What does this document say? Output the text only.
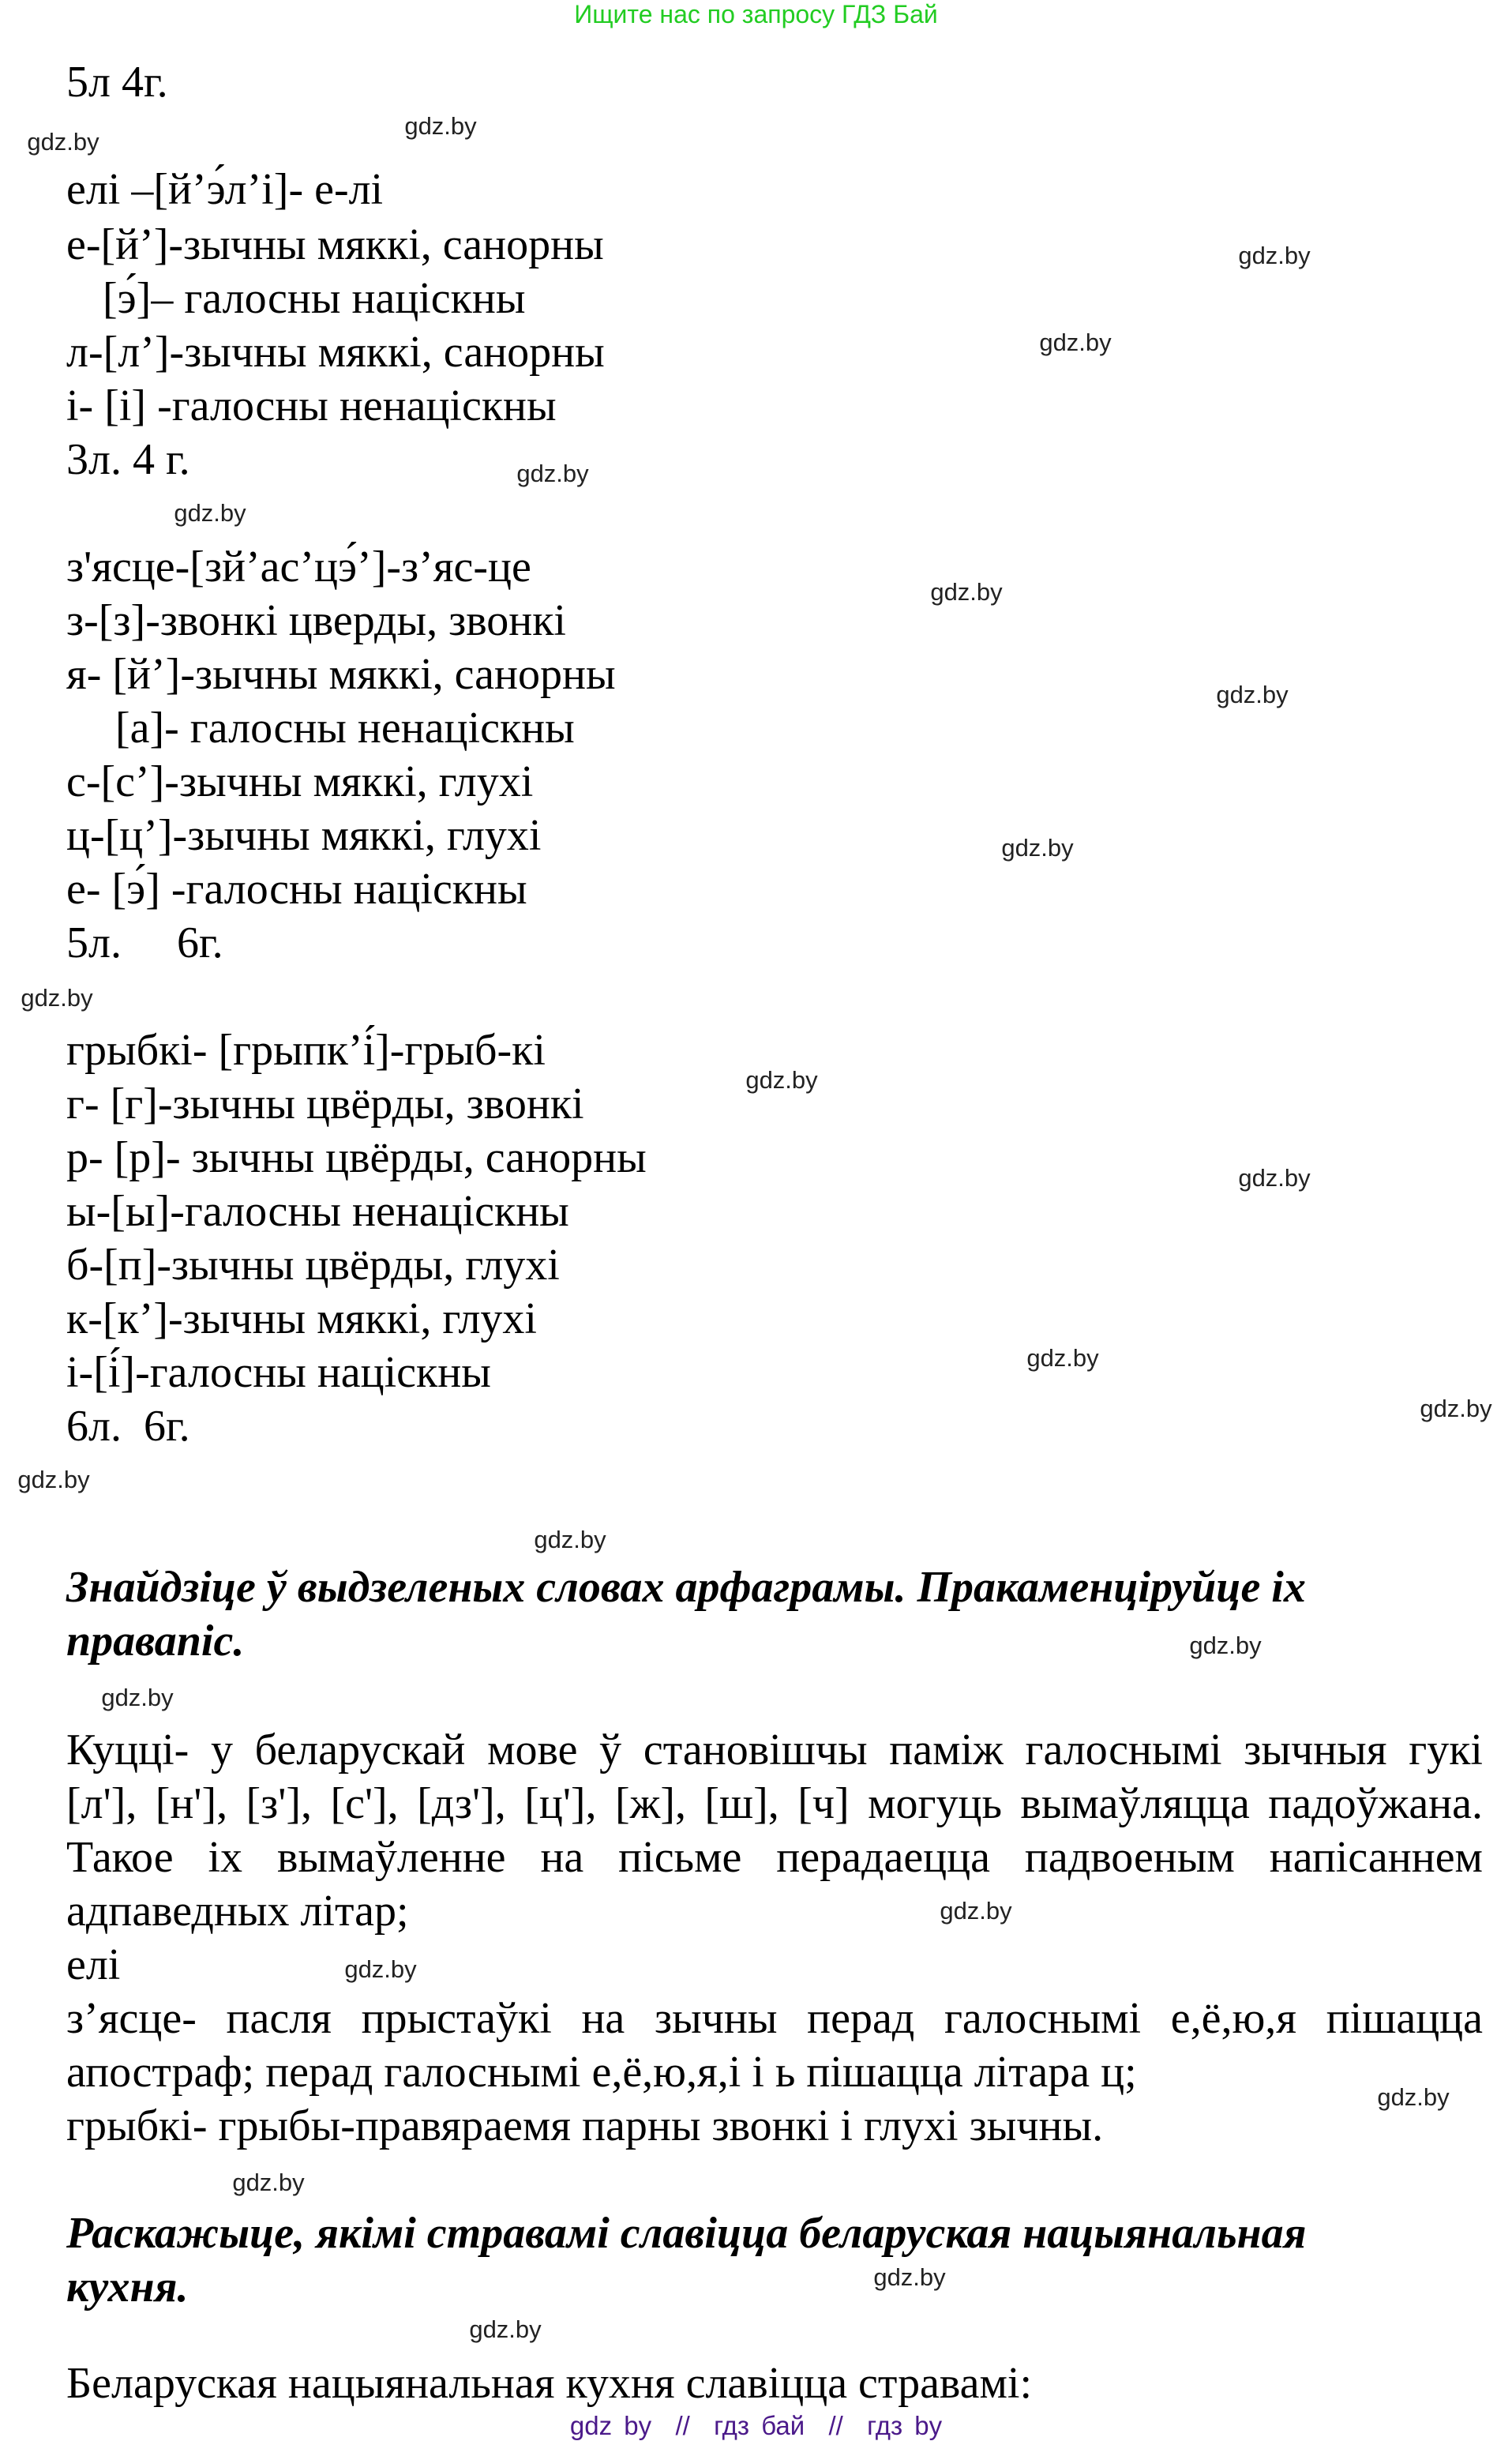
Ищите нас по запросу ГДЗ Бай
5л 4г.
елі –[й’э́л’і]- е-лі
е-[й’]-зычны мяккі, санорны
[э́]– галосны націскны
л-[л’]-зычны мяккі, санорны
і- [і] -галосны ненаціскны
3л. 4 г.
з'ясце-[зй’ас’цэ́’]-з’яс-це
з-[з]-звонкі цверды, звонкі
я- [й’]-зычны мяккі, санорны
[а]- галосны ненаціскны
с-[с’]-зычны мяккі, глухі
ц-[ц’]-зычны мяккі, глухі
е- [э́] -галосны націскны
5л.     6г.
грыбкі- [грыпк’і́]-грыб-кі
г- [г]-зычны цвёрды, звонкі
р- [р]- зычны цвёрды, санорны
ы-[ы]-галосны ненаціскны
б-[п]-зычны цвёрды, глухі
к-[к’]-зычны мяккі, глухі
і-[і́]-галосны націскны
6л.  6г.
Знайдзіце ў выдзеленых словах арфаграмы. Пракаменціруйце іх
правапіс.
Куцці- у беларускай мове ў становішчы паміж галоснымі зычныя гукі
[л'], [н'], [з'], [с'], [дз'], [ц'], [ж], [ш], [ч] могуць вымаўляцца падоўжана.
Такое іх вымаўленне на пісьме перадаецца падвоеным напісаннем
адпаведных літар;
елі
з’ясце- пасля прыстаўкі на зычны перад галоснымі е,ё,ю,я пішацца
апостраф; перад галоснымі е,ё,ю,я,і і ь пішацца літара ц;
грыбкі- грыбы-правяраемя парны звонкі і глухі зычны.
Раскажыце, якімі стравамі славіцца беларуская нацыянальная
кухня.
Беларуская нацыянальная кухня славіцца стравамі:
gdz by  //  гдз бай  //  гдз by
gdz.by
gdz.by
gdz.by
gdz.by
gdz.by
gdz.by
gdz.by
gdz.by
gdz.by
gdz.by
gdz.by
gdz.by
gdz.by
gdz.by
gdz.by
gdz.by
gdz.by
gdz.by
gdz.by
gdz.by
gdz.by
gdz.by
gdz.by
gdz.by
